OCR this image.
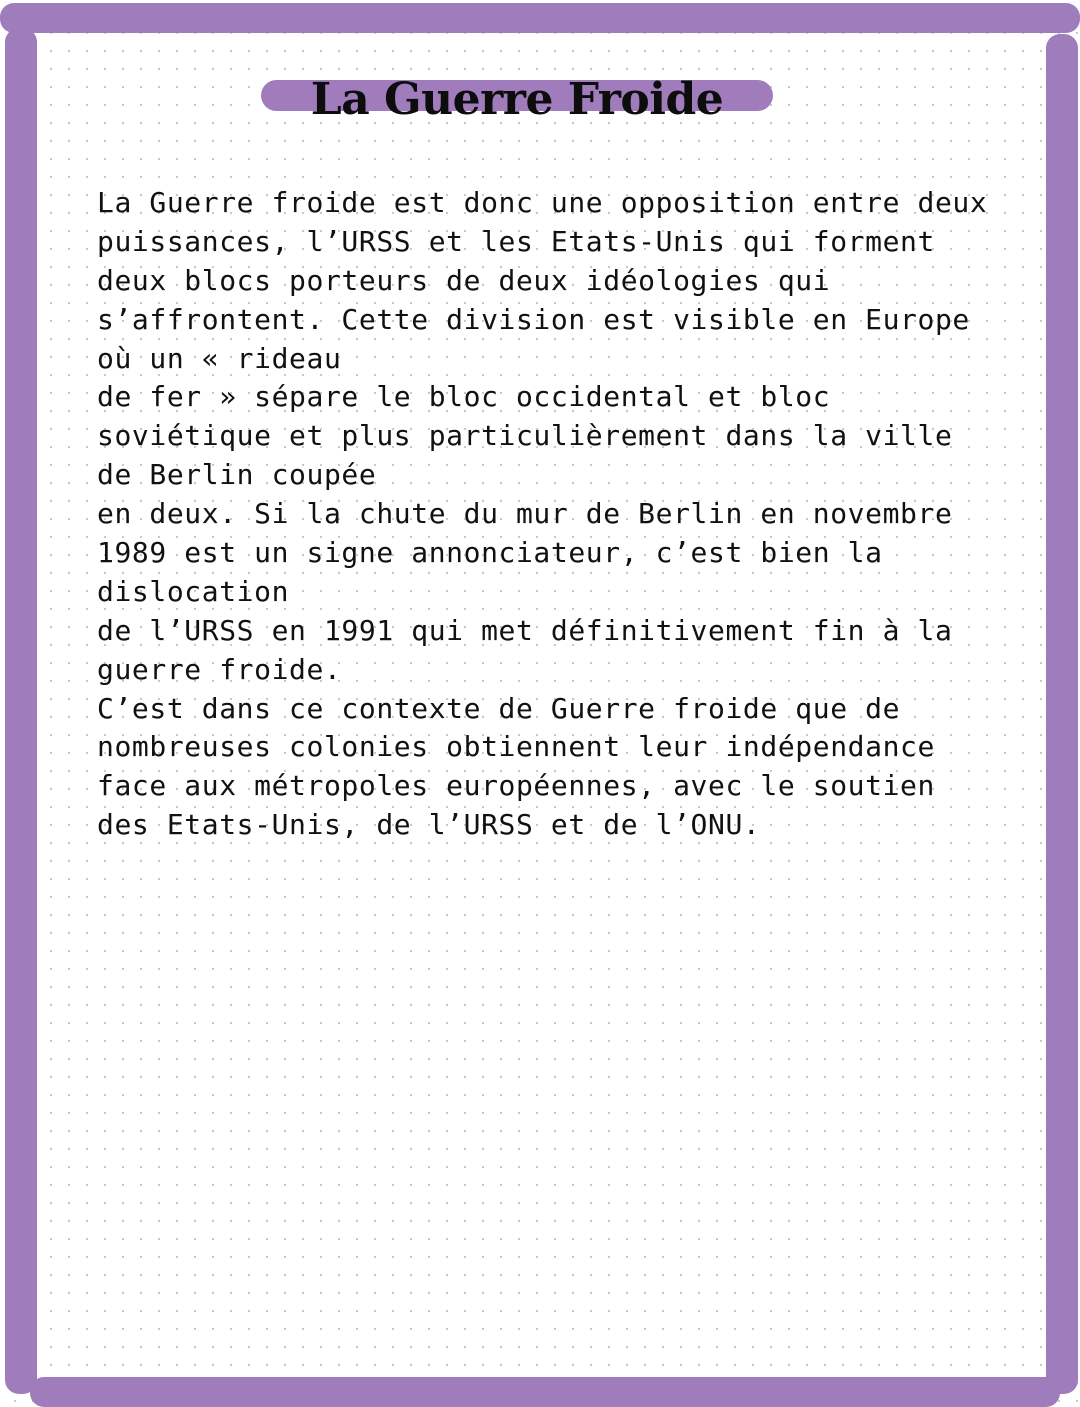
La Guerre Froide
La Guerre froide est donc une opposition entre deux
puissances, l’URSS et les Etats-Unis qui forment
deux blocs porteurs de deux idéologies qui
s’affrontent. Cette division est visible en Europe
où un « rideau
de fer » sépare le bloc occidental et bloc
soviétique et plus particulièrement dans la ville
de Berlin coupée
en deux. Si la chute du mur de Berlin en novembre
1989 est un signe annonciateur, c’est bien la
dislocation
de l’URSS en 1991 qui met définitivement fin à la
guerre froide.
C’est dans ce contexte de Guerre froide que de
nombreuses colonies obtiennent leur indépendance
face aux métropoles européennes, avec le soutien
des Etats-Unis, de l’URSS et de l’ONU.
